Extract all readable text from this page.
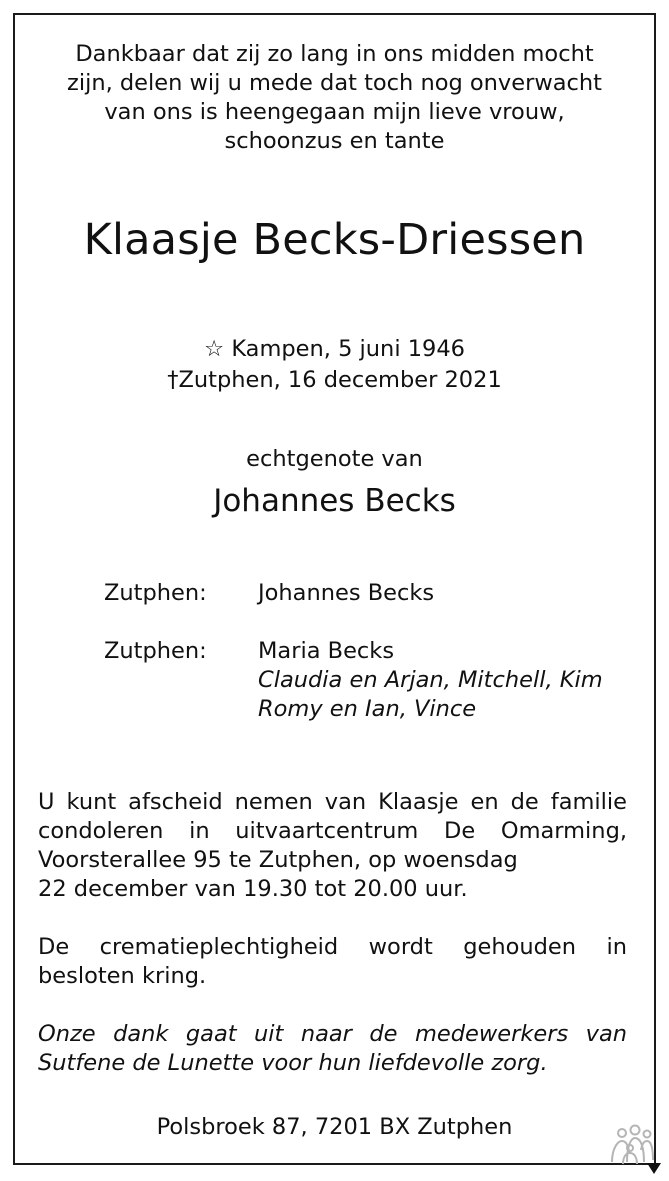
Dankbaar dat zij zo lang in ons midden mocht
zijn, delen wij u mede dat toch nog onverwacht
van ons is heengegaan mijn lieve vrouw,
schoonzus en tante
Klaasje Becks-Driessen
☆ Kampen, 5 juni 1946
†Zutphen, 16 december 2021
echtgenote van
Johannes Becks
Zutphen: Johannes Becks
Zutphen: Maria Becks
Claudia en Arjan, Mitchell, Kim
Romy en Ian, Vince
U kunt afscheid nemen van Klaasje en de familie
condoleren in uitvaartcentrum De Omarming,
Voorsterallee 95 te Zutphen, op woensdag
22 december van 19.30 tot 20.00 uur.
De crematieplechtigheid wordt gehouden in
besloten kring.
Onze dank gaat uit naar de medewerkers van
Sutfene de Lunette voor hun liefdevolle zorg.
Polsbroek 87, 7201 BX Zutphen
